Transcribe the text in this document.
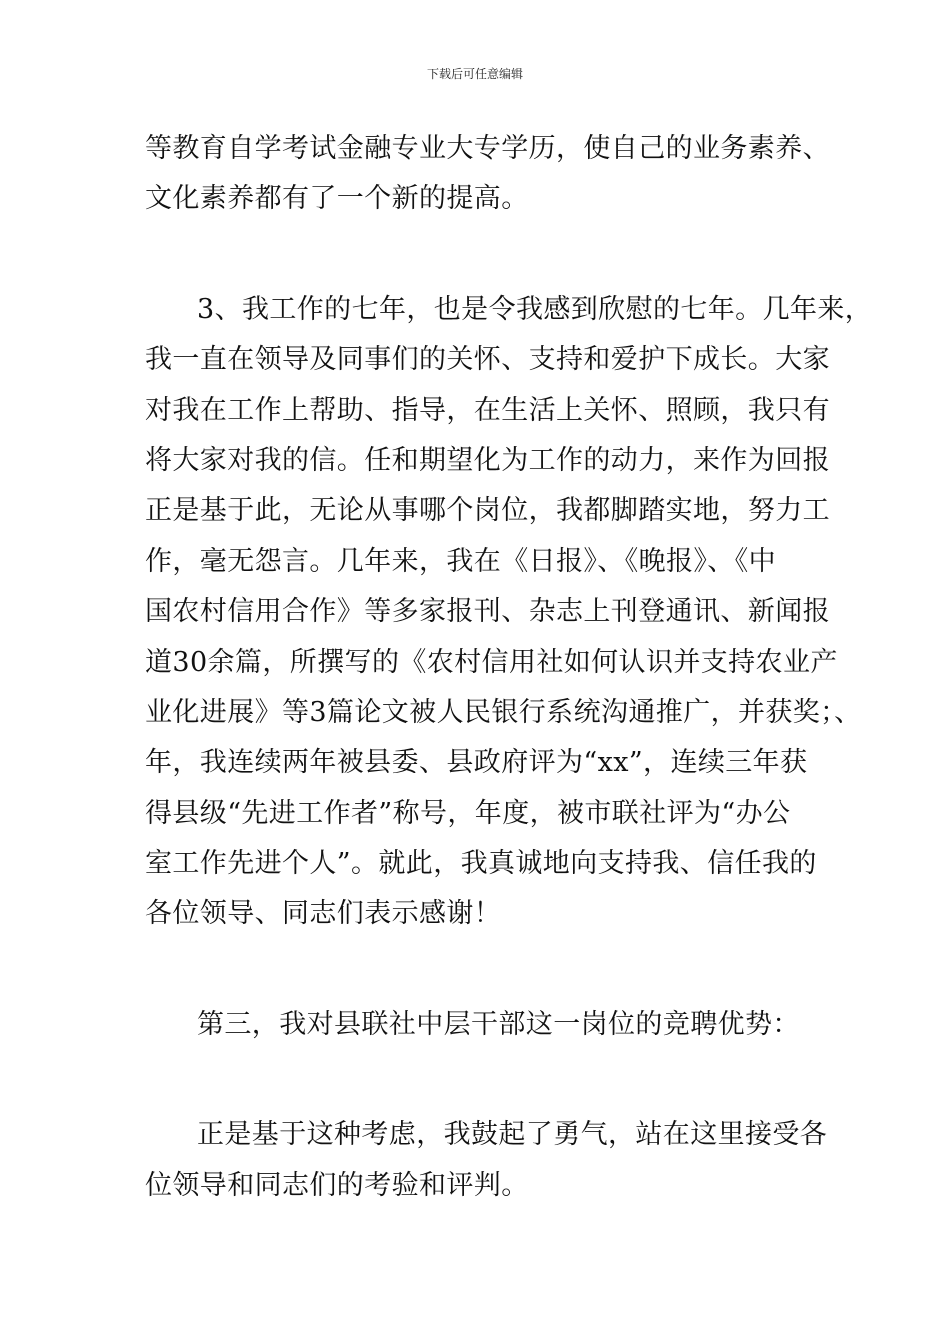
下载后可任意编辑
等教育自学考试金融专业大专学历，使自己的业务素养、
文化素养都有了一个新的提高。
3、我工作的七年，也是令我感到欣慰的七年。几年来，
我一直在领导及同事们的关怀、支持和爱护下成长。大家
对我在工作上帮助、指导，在生活上关怀、照顾，我只有
将大家对我的信。任和期望化为工作的动力，来作为回报
正是基于此，无论从事哪个岗位，我都脚踏实地，努力工
作，毫无怨言。几年来，我在《日报》、《晚报》、《中
国农村信用合作》等多家报刊、杂志上刊登通讯、新闻报
道30余篇，所撰写的《农村信用社如何认识并支持农业产
业化进展》等3篇论文被人民银行系统沟通推广，并获奖；、
年，我连续两年被县委、县政府评为“xx”，连续三年获
得县级“先进工作者”称号，年度，被市联社评为“办公
室工作先进个人”。就此，我真诚地向支持我、信任我的
各位领导、同志们表示感谢！
第三，我对县联社中层干部这一岗位的竞聘优势：
正是基于这种考虑，我鼓起了勇气，站在这里接受各
位领导和同志们的考验和评判。
